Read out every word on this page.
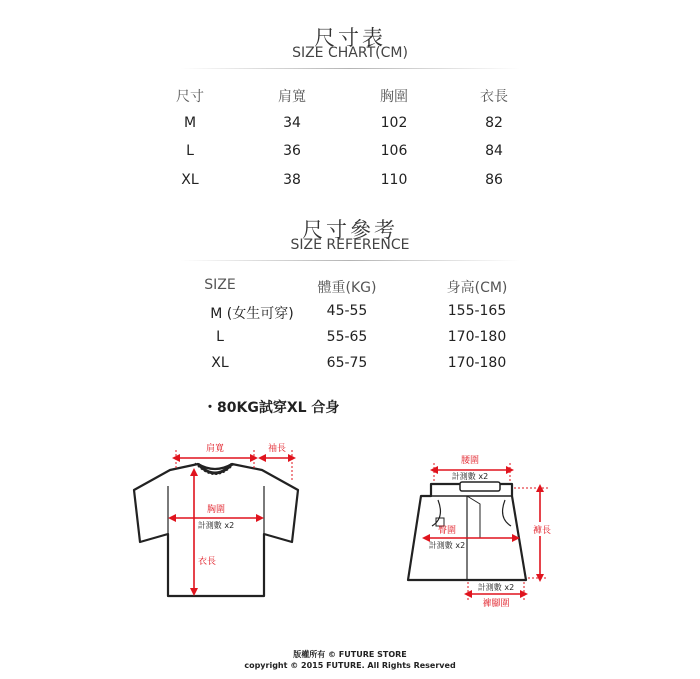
尺寸表
SIZE CHART(CM)
尺寸	肩寬	胸圍	衣長
M	34	102	82
L	36	106	84
XL	38	110	86
尺寸參考
SIZE REFERENCE
SIZE	體重(KG)	身高(CM)
M (女生可穿) 45-55	155-165
L	55-65	170-180
XL	65-75	170-180
・80KG試穿XL 合身
肩寬	袖長
胸圍
計測數 x2
衣長
腰圍
計測數 x2
臀圍
計測數 x2
褲長
計測數 x2
褲腳圍
版權所有 © FUTURE STORE
copyright © 2015 FUTURE. All Rights Reserved
